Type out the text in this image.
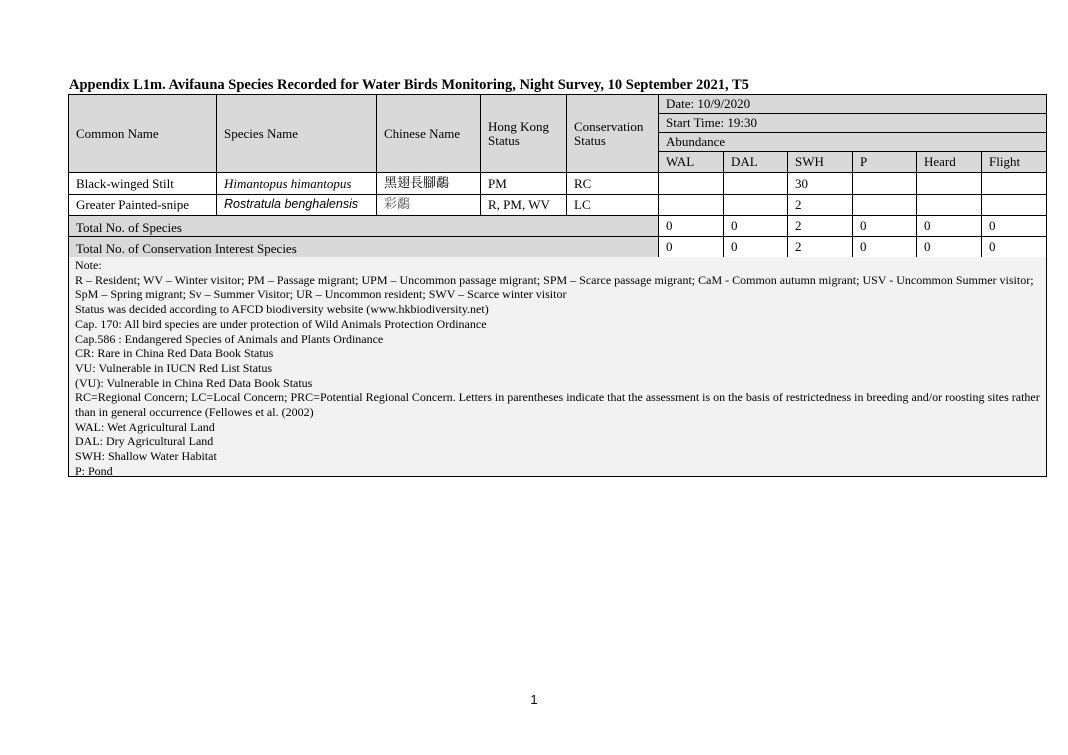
Appendix L1m. Avifauna Species Recorded for Water Birds Monitoring, Night Survey, 10 September 2021, T5
Common Name	Species Name	Chinese Name	Hong Kong Status	Conservation Status	Date: 10/9/2020					
					Start Time: 19:30					
					Abundance					
					WAL	DAL	SWH	P	Heard	Flight
Black-winged Stilt	Himantopus himantopus	黑翅長腳鷸	PM	RC			30			
Greater Painted-snipe	Rostratula benghalensis	彩鷸	R, PM, WV	LC			2			
Total No. of Species					0	0	2	0	0	0
Total No. of Conservation Interest Species					0	0	2	0	0	0
Note:
R – Resident; WV – Winter visitor; PM – Passage migrant; UPM – Uncommon passage migrant; SPM – Scarce passage migrant; CaM - Common autumn migrant; USV - Uncommon Summer visitor; SpM – Spring migrant; Sv – Summer Visitor; UR – Uncommon resident; SWV – Scarce winter visitor
Status was decided according to AFCD biodiversity website (www.hkbiodiversity.net)
Cap. 170: All bird species are under protection of Wild Animals Protection Ordinance
Cap.586 : Endangered Species of Animals and Plants Ordinance
CR: Rare in China Red Data Book Status
VU: Vulnerable in IUCN Red List Status
(VU): Vulnerable in China Red Data Book Status
RC=Regional Concern; LC=Local Concern; PRC=Potential Regional Concern. Letters in parentheses indicate that the assessment is on the basis of restrictedness in breeding and/or roosting sites rather than in general occurrence (Fellowes et al. (2002)
WAL: Wet Agricultural Land
DAL: Dry Agricultural Land
SWH: Shallow Water Habitat
P: Pond
1
